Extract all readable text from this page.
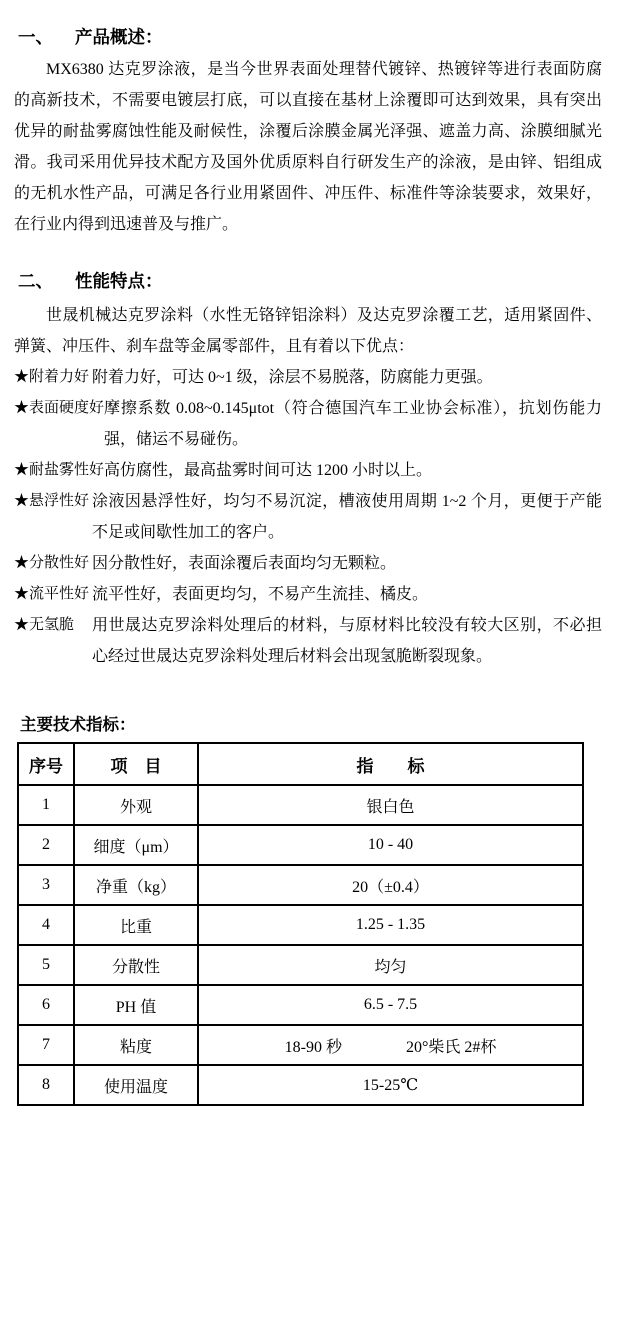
一、 产品概述：

MX6380 达克罗涂液，是当今世界表面处理替代镀锌、热镀锌等进行表面防腐的高新技术，不需要电镀层打底，可以直接在基材上涂覆即可达到效果，具有突出优异的耐盐雾腐蚀性能及耐候性，涂覆后涂膜金属光泽强、遮盖力高、涂膜细腻光滑。我司采用优异技术配方及国外优质原料自行研发生产的涂液，是由锌、铝组成的无机水性产品，可满足各行业用紧固件、冲压件、标准件等涂装要求，效果好，在行业内得到迅速普及与推广。

二、 性能特点：

世晟机械达克罗涂料（水性无铬锌铝涂料）及达克罗涂覆工艺，适用紧固件、弹簧、冲压件、刹车盘等金属零部件，且有着以下优点：

★附着力好 附着力好，可达 0~1 级，涂层不易脱落，防腐能力更强。
★表面硬度好 摩擦系数 0.08~0.145μtot（符合德国汽车工业协会标准），抗划伤能力强，储运不易碰伤。
★耐盐雾性好 高仿腐性，最高盐雾时间可达 1200 小时以上。
★悬浮性好 涂液因悬浮性好，均匀不易沉淀，槽液使用周期 1~2 个月，更便于产能不足或间歇性加工的客户。
★分散性好 因分散性好，表面涂覆后表面均匀无颗粒。
★流平性好 流平性好，表面更均匀，不易产生流挂、橘皮。
★无氢脆	用世晟达克罗涂料处理后的材料，与原材料比较没有较大区别，不必担心经过世晟达克罗涂料处理后材料会出现氢脆断裂现象。
主要技术指标：
序号	项　目	指　　标
1	外观	银白色
2	细度（μm）	10 - 40
3	净重（kg）	20（±0.4）
4	比重	1.25 - 1.35
5	分散性	均匀
6	PH 值	6.5 - 7.5
7	粘度	18-90 秒　　　　20°柴氏 2#杯
8	使用温度	15-25℃
